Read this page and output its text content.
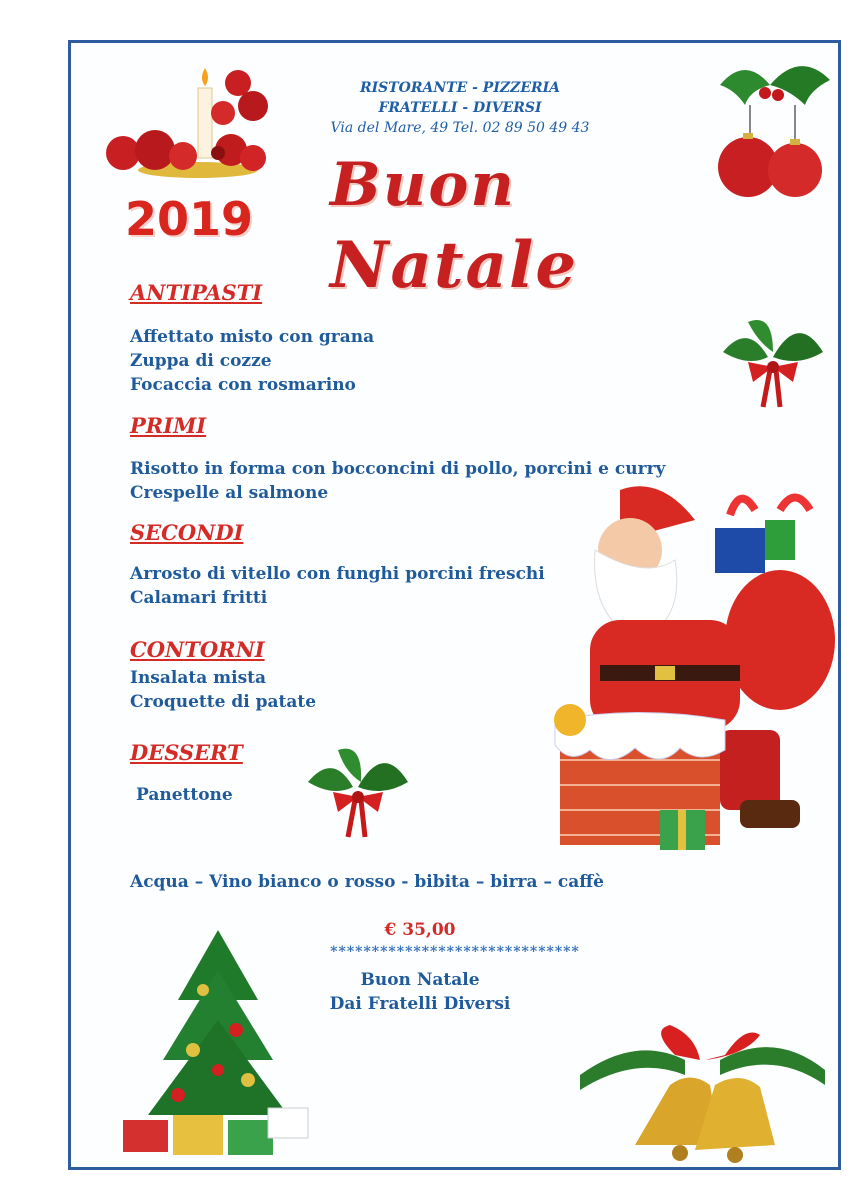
RISTORANTE - PIZZERIA
FRATELLI - DIVERSI
Via del Mare, 49 Tel. 02 89 50 49 43
2019 Buon
Natale
ANTIPASTI
Affettato misto con grana
Zuppa di cozze
Focaccia con rosmarino
PRIMI
Risotto in forma con bocconcini di pollo, porcini e curry
Crespelle al salmone
SECONDI
Arrosto di vitello con funghi porcini freschi
Calamari fritti
CONTORNI
Insalata mista
Croquette di patate
DESSERT
Panettone
Acqua – Vino bianco o rosso - bibita – birra – caffè
€ 35,00
******************************
Buon Natale
Dai Fratelli Diversi
